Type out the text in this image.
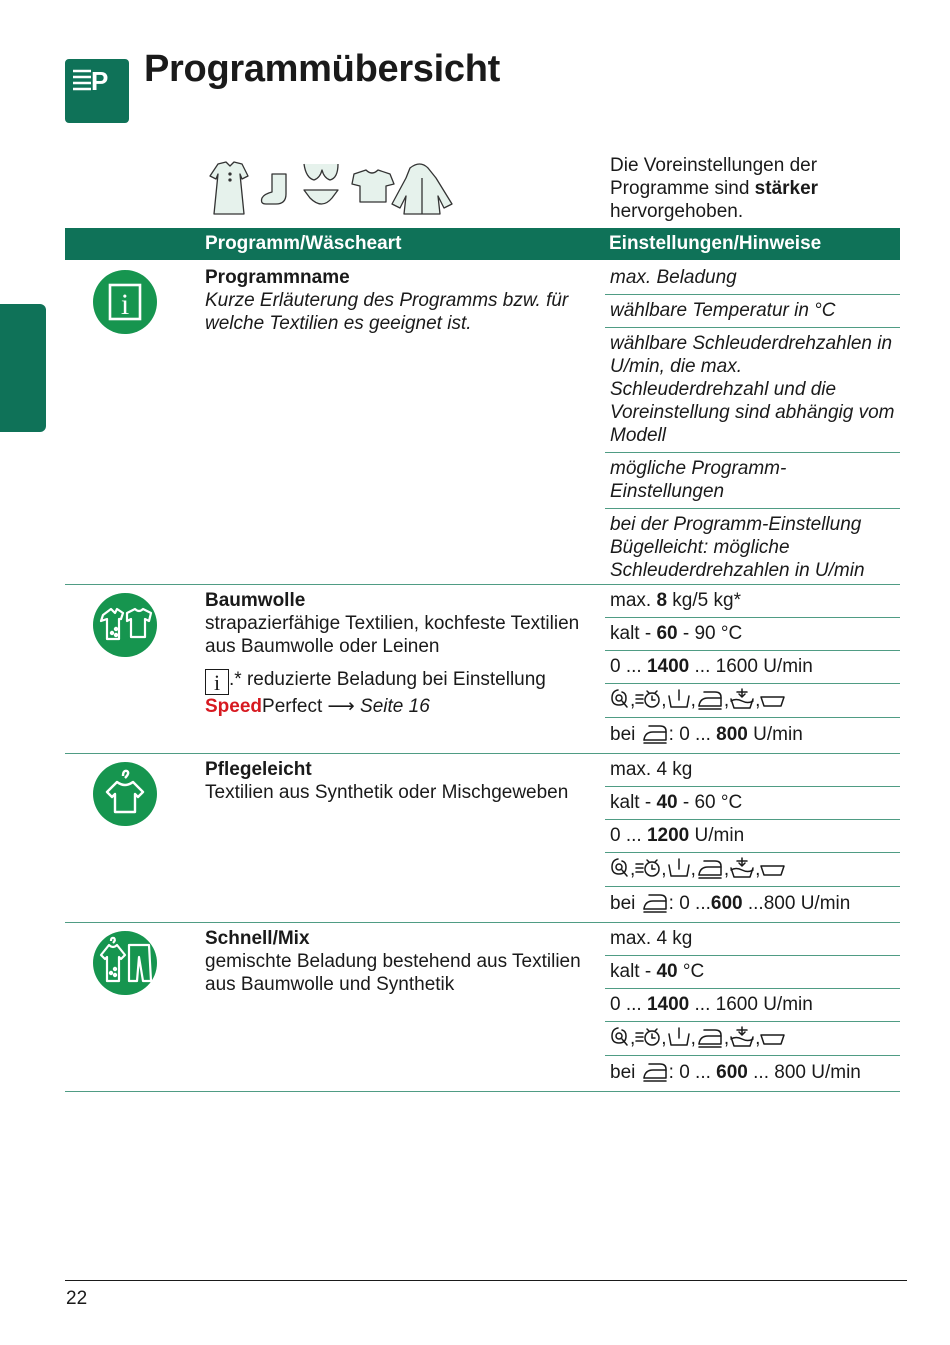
P Programmübersicht
Die Voreinstellungen der Programme sind stärker hervorgehoben.
Programm/Wäscheart	Einstellungen/Hinweise
i
Programmname
Kurze Erläuterung des Programms bzw. für welche Textilien es geeignet ist.
max. Beladung
wählbare Temperatur in °C
wählbare Schleuderdrehzahlen in U/min, die max. Schleuderdrehzahl und die Voreinstellung sind abhängig vom Modell
mögliche Programm-Einstellungen
bei der Programm-Einstellung Bügelleicht: mögliche Schleuderdrehzahlen in U/min
Baumwolle
strapazierfähige Textilien, kochfeste Textilien aus Baumwolle oder Leinen
i .* reduzierte Beladung bei Einstellung
SpeedPerfect ⟶ Seite 16
max. 8 kg/5 kg*
kalt - 60 - 90 °C
0 ... 1400 ... 1600 U/min
, , , , ,
bei : 0 ... 800 U/min
Pflegeleicht
Textilien aus Synthetik oder Mischgeweben
max. 4 kg
kalt - 40 - 60 °C
0 ... 1200 U/min
, , , , ,
bei : 0 ...600 ...800 U/min
Schnell/Mix
gemischte Beladung bestehend aus Textilien aus Baumwolle und Synthetik
max. 4 kg
kalt - 40 °C
0 ... 1400 ... 1600 U/min
, , , , ,
bei : 0 ... 600 ... 800 U/min
22
